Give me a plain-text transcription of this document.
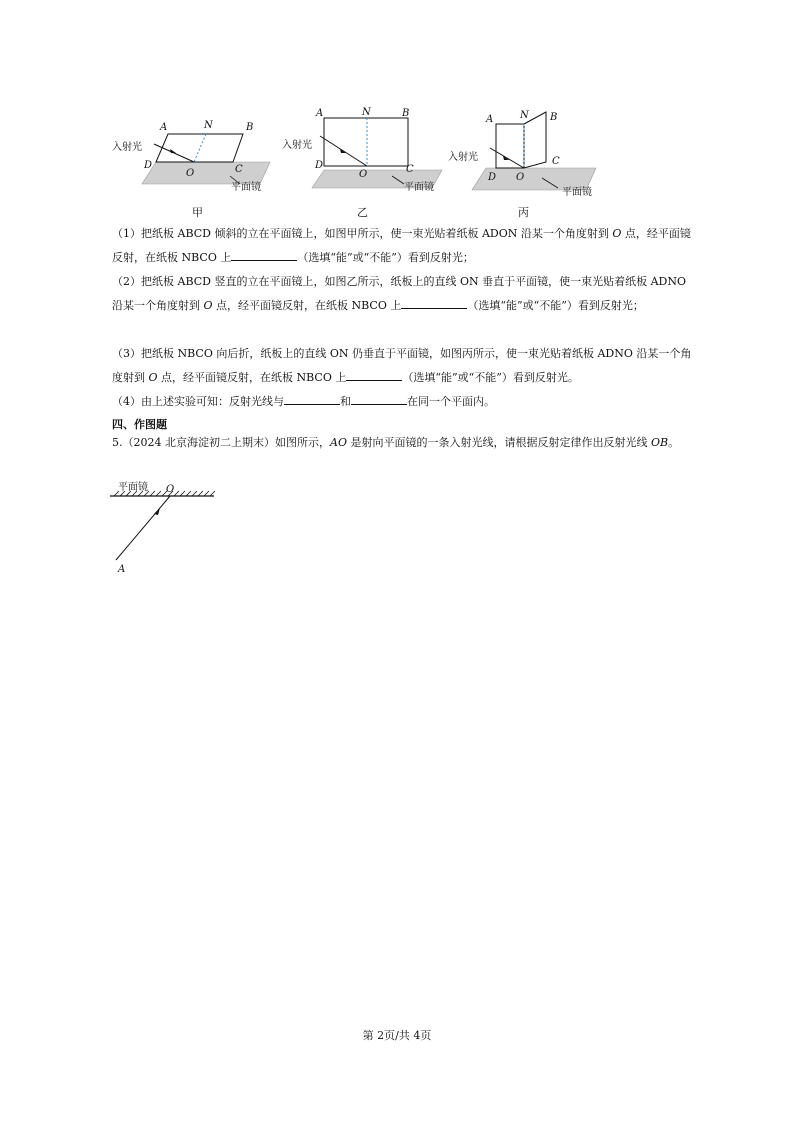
A	N	B
D
O	C
入射光
平面镜
甲
A	N	B
D
O	C
入射光
平面镜
乙
A	N B
D O
C
入射光
平面镜
丙
（1）把纸板 ABCD 倾斜的立在平面镜上，如图甲所示，使一束光贴着纸板 ADON 沿某一个角度射到 O 点，经平面镜反射，在纸板 NBCO 上	（选填“能”或“不能”）看到反射光；
（2）把纸板 ABCD 竖直的立在平面镜上，如图乙所示，纸板上的直线 ON 垂直于平面镜，使一束光贴着纸板 ADNO 沿某一个角度射到 O 点，经平面镜反射，在纸板 NBCO 上	（选填“能”或“不能”）看到反射光；
（3）把纸板 NBCO 向后折，纸板上的直线 ON 仍垂直于平面镜，如图丙所示，使一束光贴着纸板 ADNO 沿某一个角度射到 O 点，经平面镜反射，在纸板 NBCO 上	（选填“能”或“不能”）看到反射光。
（4）由上述实验可知：反射光线与	和	在同一个平面内。
四、作图题
5.（2024 北京海淀初二上期末）如图所示，AO 是射向平面镜的一条入射光线，请根据反射定律作出反射光线 OB。
平面镜 O
A
第 2页/共 4页
